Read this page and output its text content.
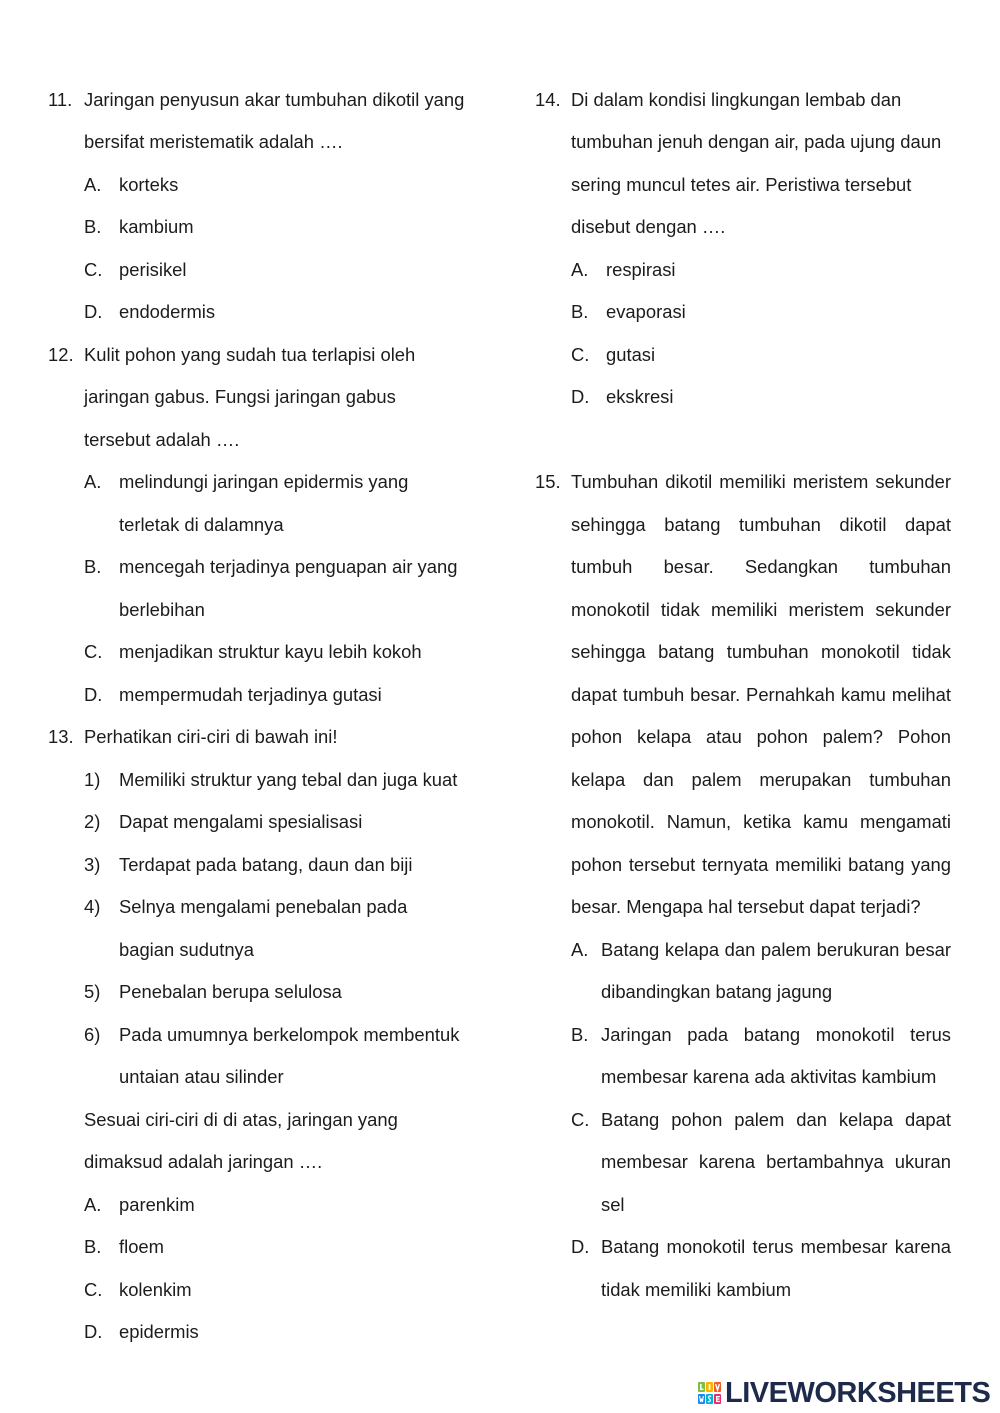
11. Jaringan penyusun akar tumbuhan dikotil yang
bersifat meristematik adalah ….
A. korteks
B. kambium
C. perisikel
D. endodermis
12. Kulit pohon yang sudah tua terlapisi oleh
jaringan gabus. Fungsi jaringan gabus
tersebut adalah ….
A. melindungi jaringan epidermis yang
terletak di dalamnya
B. mencegah terjadinya penguapan air yang
berlebihan
C. menjadikan struktur kayu lebih kokoh
D. mempermudah terjadinya gutasi
13. Perhatikan ciri-ciri di bawah ini!
1) Memiliki struktur yang tebal dan juga kuat
2) Dapat mengalami spesialisasi
3) Terdapat pada batang, daun dan biji
4) Selnya mengalami penebalan pada
bagian sudutnya
5) Penebalan berupa selulosa
6) Pada umumnya berkelompok membentuk
untaian atau silinder
Sesuai ciri-ciri di di atas, jaringan yang
dimaksud adalah jaringan ….
A. parenkim
B. floem
C. kolenkim
D. epidermis
14. Di dalam kondisi lingkungan lembab dan
tumbuhan jenuh dengan air, pada ujung daun
sering muncul tetes air. Peristiwa tersebut
disebut dengan ….
A. respirasi
B. evaporasi
C. gutasi
D. ekskresi
15. Tumbuhan dikotil memiliki meristem sekunder
sehingga batang tumbuhan dikotil dapat
tumbuh besar. Sedangkan tumbuhan
monokotil tidak memiliki meristem sekunder
sehingga batang tumbuhan monokotil tidak
dapat tumbuh besar. Pernahkah kamu melihat
pohon kelapa atau pohon palem? Pohon
kelapa dan palem merupakan tumbuhan
monokotil. Namun, ketika kamu mengamati
pohon tersebut ternyata memiliki batang yang
besar. Mengapa hal tersebut dapat terjadi?
A. Batang kelapa dan palem berukuran besar
dibandingkan batang jagung
B. Jaringan pada batang monokotil terus
membesar karena ada aktivitas kambium
C. Batang pohon palem dan kelapa dapat
membesar karena bertambahnya ukuran
sel
D. Batang monokotil terus membesar karena
tidak memiliki kambium
LIVEWORKSHEETS
